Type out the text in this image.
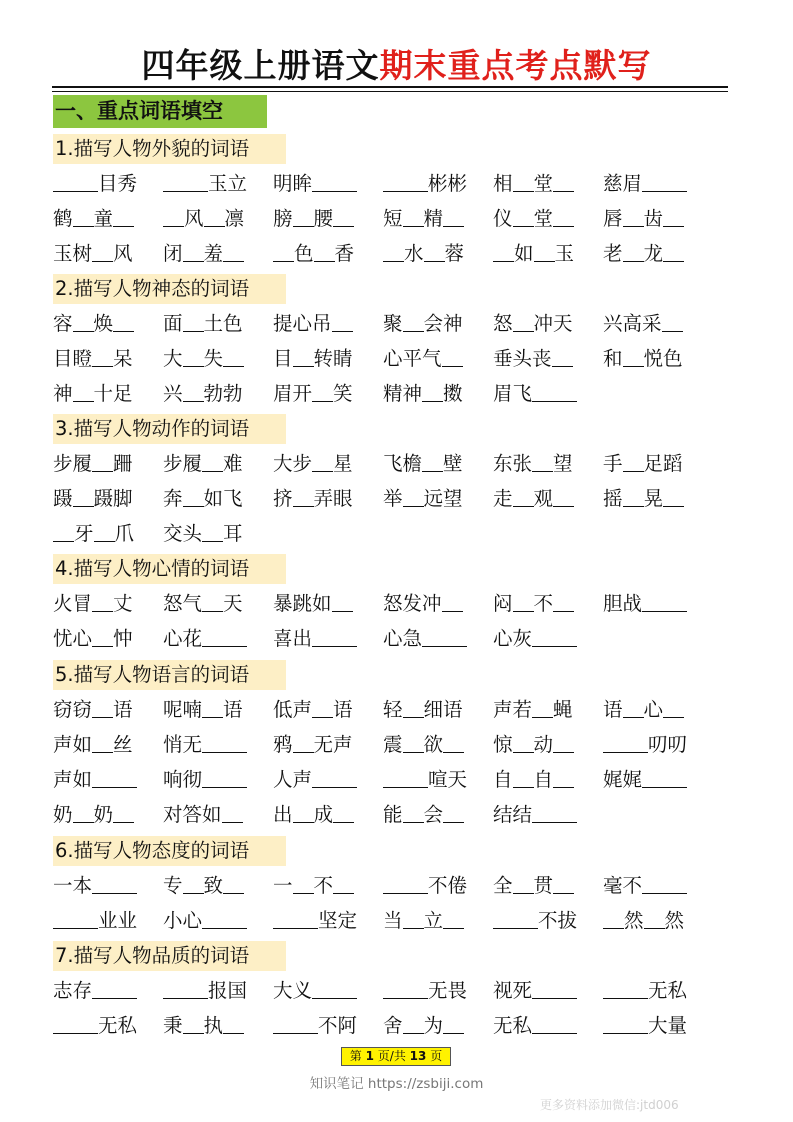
四年级上册语文期末重点考点默写
一、重点词语填空
1.描写人物外貌的词语
目秀	玉立	明眸	彬彬	相 堂	慈眉
鹤 童	风 凛	膀 腰	短 精	仪 堂	唇 齿
玉树 风	闭 羞	色 香	水 蓉	如 玉	老 龙
2.描写人物神态的词语
容 焕	面 土色	提心吊	聚 会神	怒 冲天	兴高采
目瞪 呆	大 失	目 转睛	心平气	垂头丧	和 悦色
神 十足	兴 勃勃	眉开 笑	精神 擞	眉飞
3.描写人物动作的词语
步履 跚	步履 难	大步 星	飞檐 壁	东张 望	手 足蹈
蹑 蹑脚	奔 如飞	挤 弄眼	举 远望	走 观	摇 晃
牙 爪	交头 耳
4.描写人物心情的词语
火冒 丈	怒气 天	暴跳如	怒发冲	闷 不	胆战
忧心 忡	心花	喜出	心急	心灰
5.描写人物语言的词语
窃窃 语	呢喃 语	低声 语	轻 细语	声若 蝇	语 心
声如 丝	悄无	鸦 无声	震 欲	惊 动	叨叨
声如	响彻	人声	喧天	自 自	娓娓
奶 奶	对答如	出 成	能 会	结结
6.描写人物态度的词语
一本	专 致	一 不	不倦	全 贯	毫不
业业	小心	坚定	当 立	不拔	然 然
7.描写人物品质的词语
志存	报国	大义	无畏	视死	无私
无私	秉 执	不阿	舍 为	无私	大量
第 1 页/共 13 页
知识笔记 https://zsbiji.com
更多资料添加微信:jtd006
